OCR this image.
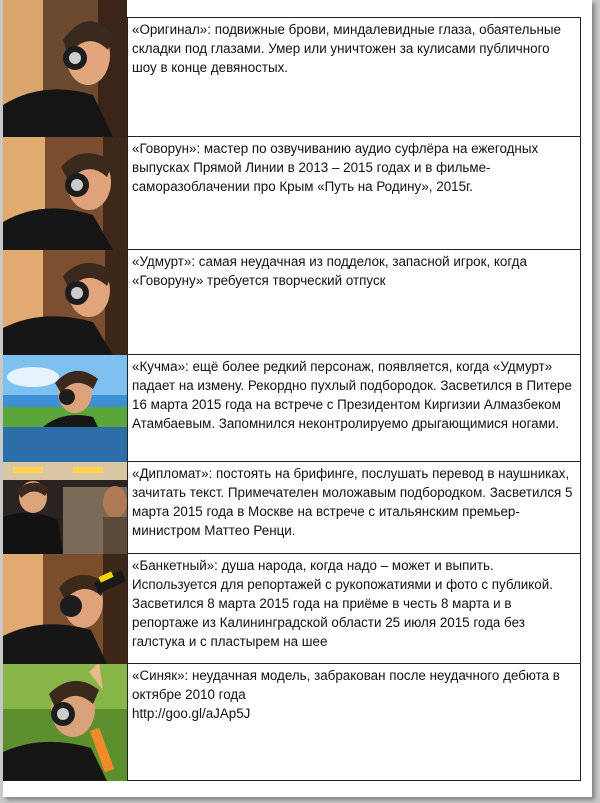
«Оригинал»: подвижные брови, миндалевидные глаза, обаятельные складки под глазами. Умер или уничтожен за кулисами публичного шоу в конце девяностых.
«Говорун»: мастер по озвучиванию аудио суфлёра на ежегодных выпусках Прямой Линии в 2013 – 2015 годах и в фильме-саморазоблачении про Крым «Путь на Родину», 2015г.
«Удмурт»: самая неудачная из подделок, запасной игрок, когда «Говоруну» требуется творческий отпуск
«Кучма»: ещё более редкий персонаж, появляется, когда «Удмурт» падает на измену. Рекордно пухлый подбородок. Засветился в Питере 16 марта 2015 года на встрече с Президентом Киргизии Алмазбеком Атамбаевым. Запомнился неконтролируемо дрыгающимися ногами.
«Дипломат»: постоять на брифинге, послушать перевод в наушниках, зачитать текст. Примечателен моложавым подбородком. Засветился 5 марта 2015 года в Москве на встрече с итальянским премьер-министром Маттео Ренци.
«Банкетный»: душа народа, когда надо – может и выпить. Используется для репортажей с рукопожатиями и фото с публикой. Засветился 8 марта 2015 года на приёме в честь 8 марта и в репортаже из Калининградской области 25 июля 2015 года без галстука и с пластырем на шее
«Синяк»: неудачная модель, забракован после неудачного дебюта в октябре 2010 года
http://goo.gl/aJAp5J
